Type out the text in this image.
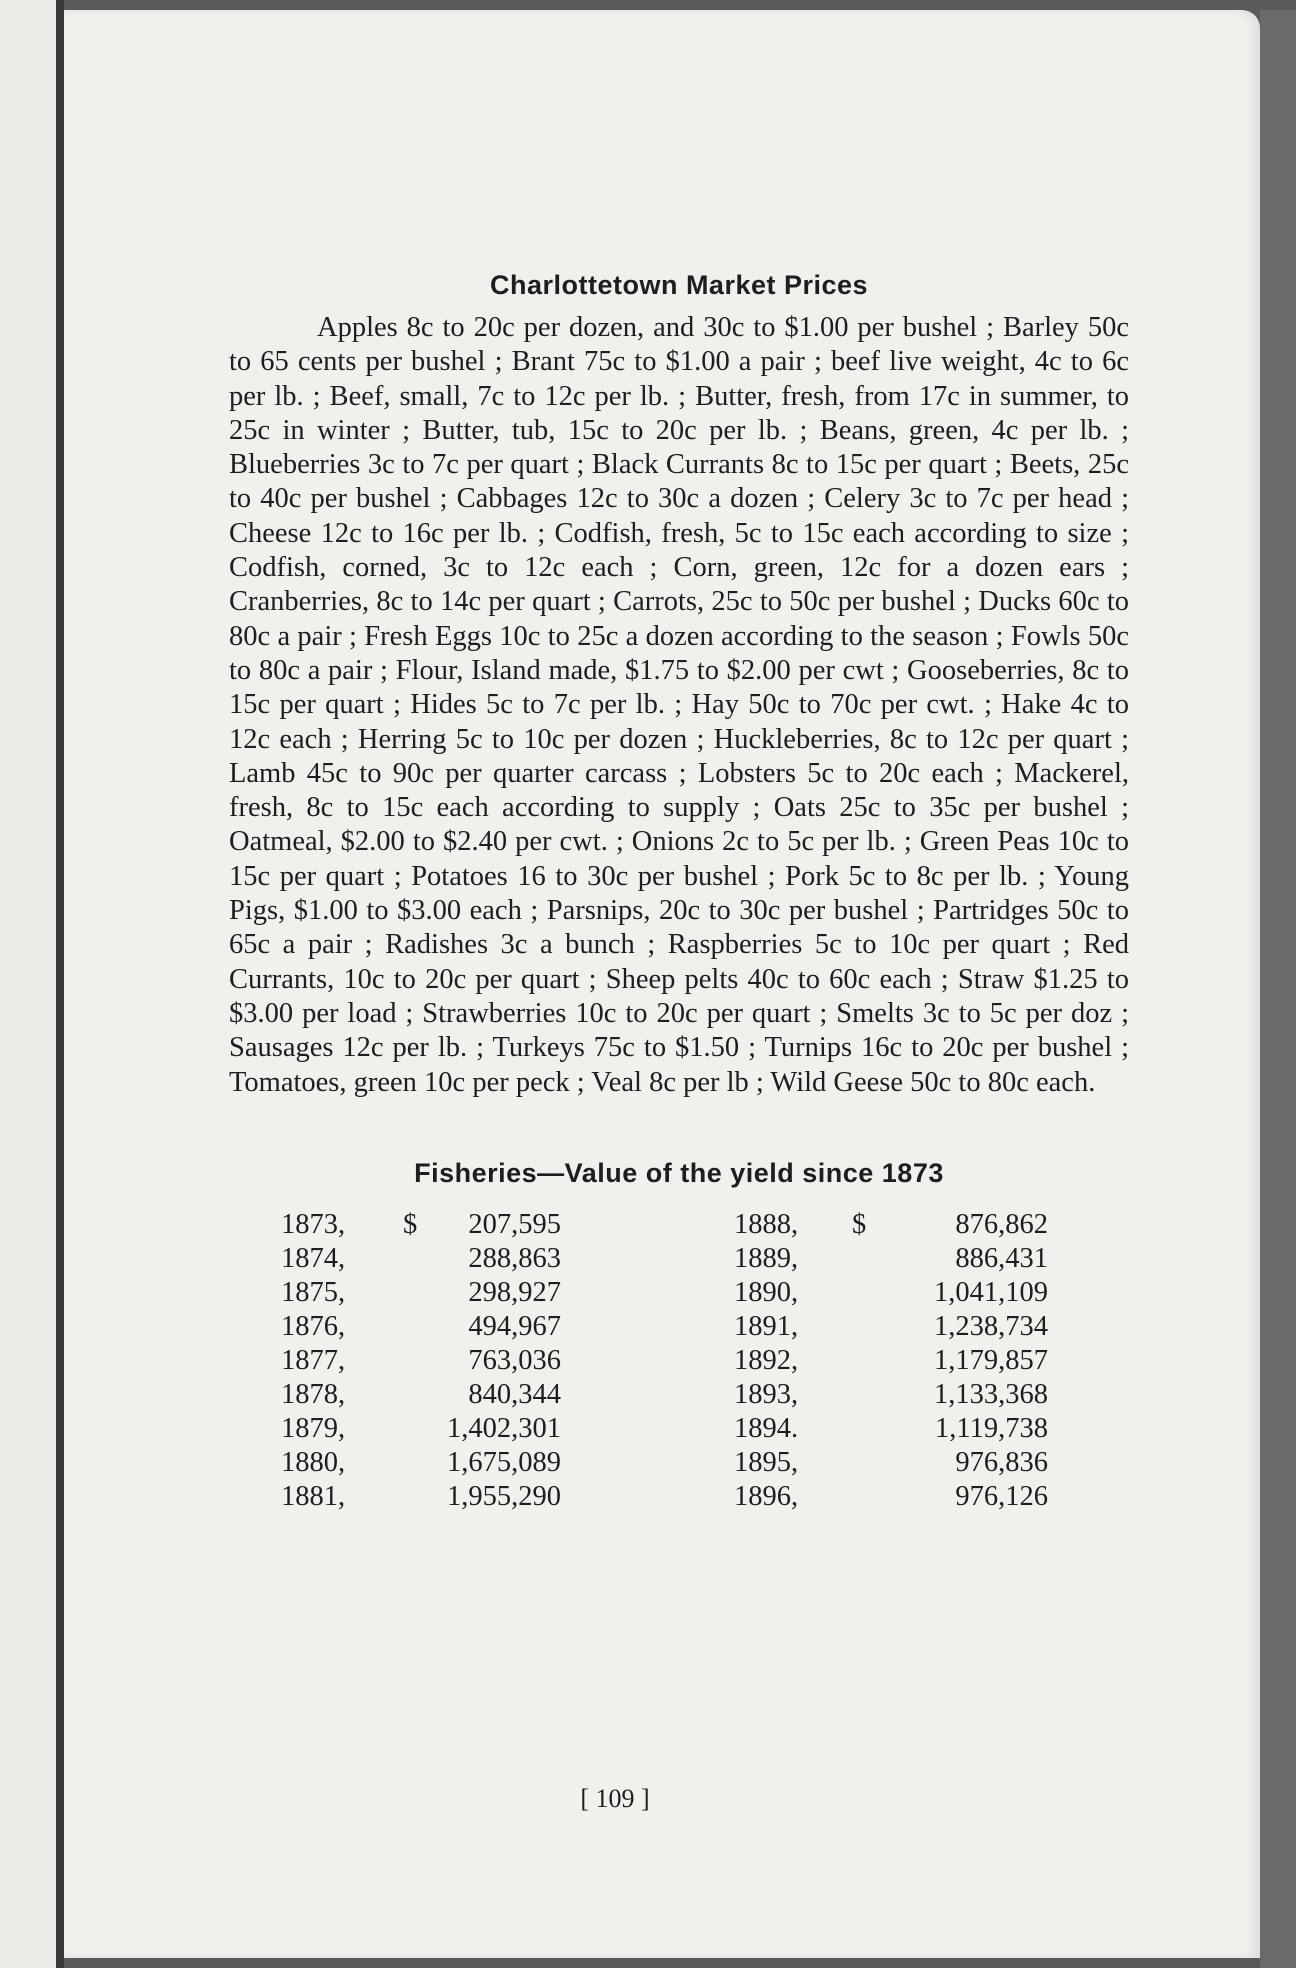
Charlottetown Market Prices

Apples 8c to 20c per dozen, and 30c to $1.00 per bushel ; Barley 50c to 65 cents per bushel ; Brant 75c to $1.00 a pair ; beef live weight, 4c to 6c per lb. ; Beef, small, 7c to 12c per lb. ; Butter, fresh, from 17c in summer, to 25c in winter ; Butter, tub, 15c to 20c per lb. ; Beans, green, 4c per lb. ; Blueberries 3c to 7c per quart ; Black Currants 8c to 15c per quart ; Beets, 25c to 40c per bushel ; Cabbages 12c to 30c a dozen ; Celery 3c to 7c per head ; Cheese 12c to 16c per lb. ; Codfish, fresh, 5c to 15c each according to size ; Codfish, corned, 3c to 12c each ; Corn, green, 12c for a dozen ears ; Cranberries, 8c to 14c per quart ; Carrots, 25c to 50c per bushel ; Ducks 60c to 80c a pair ; Fresh Eggs 10c to 25c a dozen according to the season ; Fowls 50c to 80c a pair ; Flour, Island made, $1.75 to $2.00 per cwt ; Gooseberries, 8c to 15c per quart ; Hides 5c to 7c per lb. ; Hay 50c to 70c per cwt. ; Hake 4c to 12c each ; Herring 5c to 10c per dozen ; Huckleberries, 8c to 12c per quart ; Lamb 45c to 90c per quarter carcass ; Lobsters 5c to 20c each ; Mackerel, fresh, 8c to 15c each according to supply ; Oats 25c to 35c per bushel ; Oatmeal, $2.00 to $2.40 per cwt. ; Onions 2c to 5c per lb. ; Green Peas 10c to 15c per quart ; Potatoes 16 to 30c per bushel ; Pork 5c to 8c per lb. ; Young Pigs, $1.00 to $3.00 each ; Parsnips, 20c to 30c per bushel ; Partridges 50c to 65c a pair ; Radishes 3c a bunch ; Raspberries 5c to 10c per quart ; Red Currants, 10c to 20c per quart ; Sheep pelts 40c to 60c each ; Straw $1.25 to $3.00 per load ; Strawberries 10c to 20c per quart ; Smelts 3c to 5c per doz ; Sausages 12c per lb. ; Turkeys 75c to $1.50 ; Turnips 16c to 20c per bushel ; Tomatoes, green 10c per peck ; Veal 8c per lb ; Wild Geese 50c to 80c each.

Fisheries—Value of the yield since 1873
1873, $ 207,595
1874,	288,863
1875,	298,927
1876,	494,967
1877,	763,036
1878,	840,344
1879,	1,402,301
1880,	1,675,089
1881,	1,955,290
1888, $	876,862
1889,	886,431
1890,	1,041,109
1891,	1,238,734
1892,	1,179,857
1893,	1,133,368
1894.	1,119,738
1895,	976,836
1896,	976,126
[ 109 ]
